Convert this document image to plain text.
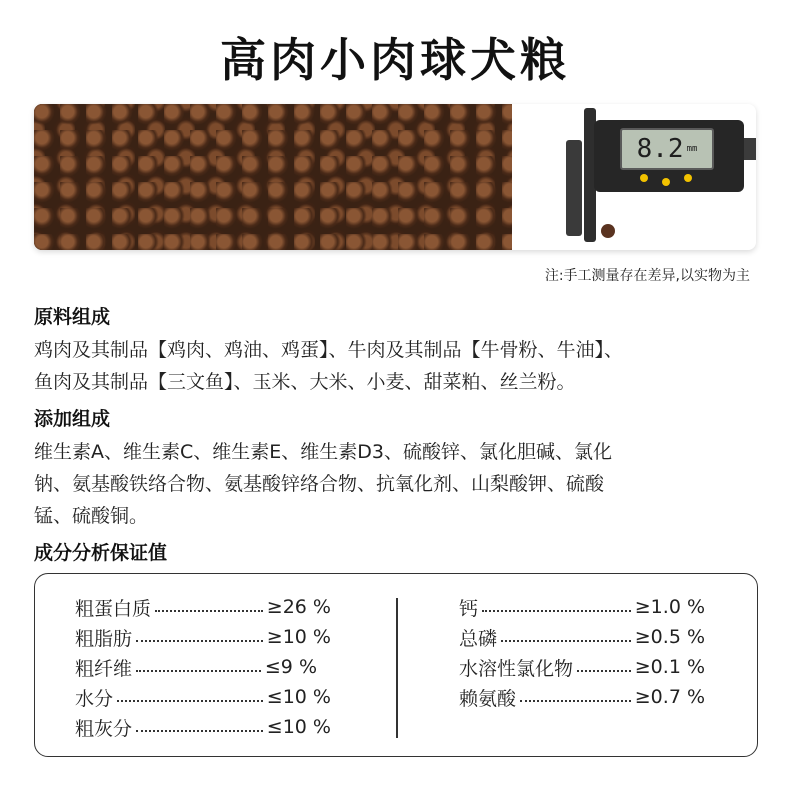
高肉小肉球犬粮
8.2 $^{mm}$
注:手工测量存在差异,以实物为主
原料组成
鸡肉及其制品【鸡肉、鸡油、鸡蛋】、牛肉及其制品【牛骨粉、牛油】、
鱼肉及其制品【三文鱼】、玉米、大米、小麦、甜菜粕、丝兰粉。
添加组成
维生素A、维生素C、维生素E、维生素D3、硫酸锌、氯化胆碱、氯化
钠、氨基酸铁络合物、氨基酸锌络合物、抗氧化剂、山梨酸钾、硫酸
锰、硫酸铜。
成分分析保证值
粗蛋白质	≥26 %
粗脂肪	≥10 %
粗纤维	≤9 %
水分	≤10 %
粗灰分	≤10 %
钙	≥1.0 %
总磷	≥0.5 %
水溶性氯化物	≥0.1 %
赖氨酸	≥0.7 %
